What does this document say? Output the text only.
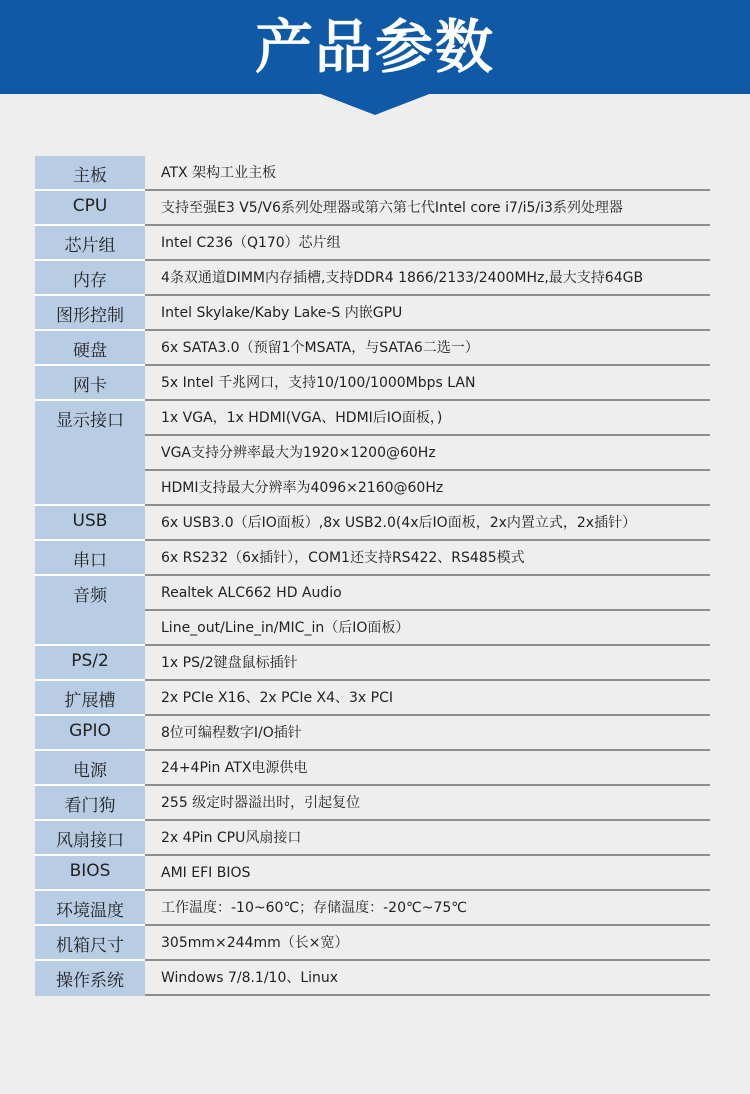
产品参数
主板	ATX 架构工业主板
CPU	支持至强E3 V5/V6系列处理器或第六第七代Intel core i7/i5/i3系列处理器
芯片组	Intel C236（Q170）芯片组
内存	4条双通道DIMM内存插槽,支持DDR4 1866/2133/2400MHz,最大支持64GB
图形控制	Intel Skylake/Kaby Lake-S 内嵌GPU
硬盘	6x SATA3.0（预留1个MSATA，与SATA6二选一）
网卡	5x Intel 千兆网口，支持10/100/1000Mbps LAN
显示接口	1x VGA，1x HDMI(VGA、HDMI后IO面板，)
VGA支持分辨率最大为1920×1200@60Hz
HDMI支持最大分辨率为4096×2160@60Hz
USB	6x USB3.0（后IO面板）,8x USB2.0(4x后IO面板，2x内置立式，2x插针）
串口	6x RS232（6x插针），COM1还支持RS422、RS485模式
音频	Realtek ALC662 HD Audio
Line_out/Line_in/MIC_in（后IO面板）
PS/2	1x PS/2键盘鼠标插针
扩展槽	2x PCIe X16、2x PCIe X4、3x PCI
GPIO	8位可编程数字I/O插针
电源	24+4Pin ATX电源供电
看门狗	255 级定时器溢出时，引起复位
风扇接口	2x 4Pin CPU风扇接口
BIOS	AMI EFI BIOS
环境温度	工作温度：-10~60℃；存储温度：-20℃~75℃
机箱尺寸	305mm×244mm（长×宽）
操作系统	Windows 7/8.1/10、Linux
